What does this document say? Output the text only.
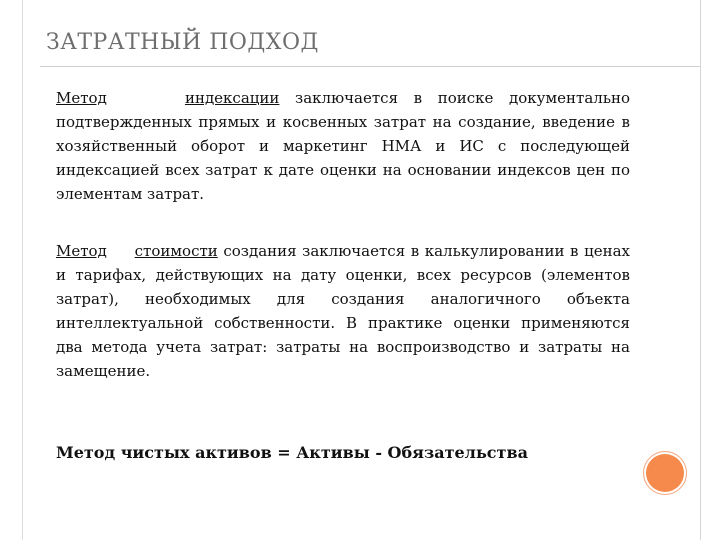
ЗАТРАТНЫЙ ПОДХОД

Метод	индексации заключается в поиске документально подтвержденных прямых и косвенных затрат на создание, введение в хозяйственный оборот и маркетинг НМА и ИС с последующей индексацией всех затрат к дате оценки на основании индексов цен по элементам затрат.

Метод стоимости создания заключается в калькулировании в ценах и тарифах, действующих на дату оценки, всех ресурсов (элементов затрат), необходимых для создания аналогичного объекта интеллектуальной собственности. В практике оценки применяются два метода учета затрат: затраты на воспроизводство и затраты на замещение.

Метод чистых активов = Активы - Обязательства
